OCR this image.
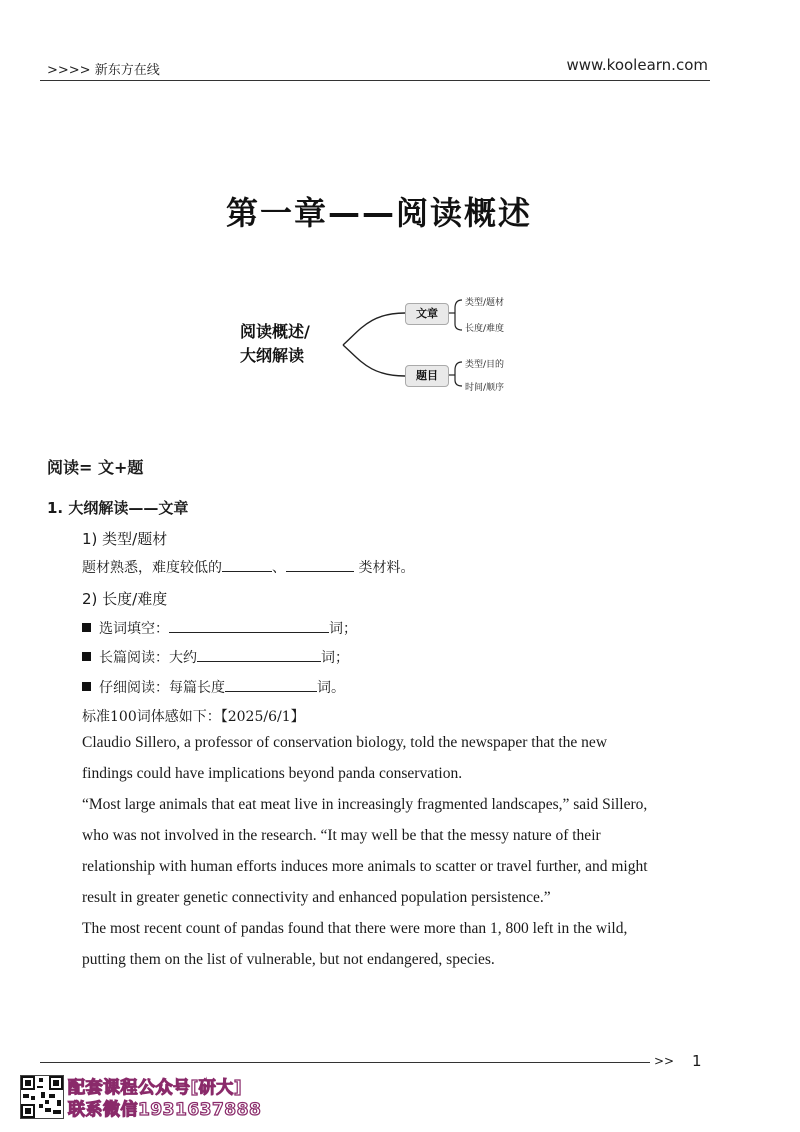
>>>> 新东方在线	www.koolearn.com
第一章——阅读概述
阅读概述/
大纲解读
文章
题目
类型/题材
长度/难度
类型/目的
时间/顺序
阅读= 文+题
1. 大纲解读——文章
1) 类型/题材
题材熟悉，难度较低的	、	类材料。
2) 长度/难度
选词填空：	词；
长篇阅读：大约	词；
仔细阅读：每篇长度	词。
标准100词体感如下：【2025/6/1】
Claudio Sillero, a professor of conservation biology, told the newspaper that the new
findings could have implications beyond panda conservation.
“Most large animals that eat meat live in increasingly fragmented landscapes,” said Sillero,
who was not involved in the research. “It may well be that the messy nature of their
relationship with human efforts induces more animals to scatter or travel further, and might
result in greater genetic connectivity and enhanced population persistence.”
The most recent count of pandas found that there were more than 1, 800 left in the wild,
putting them on the list of vulnerable, but not endangered, species.
>> 1
配套课程公众号[研大]
联系微信1931637888
